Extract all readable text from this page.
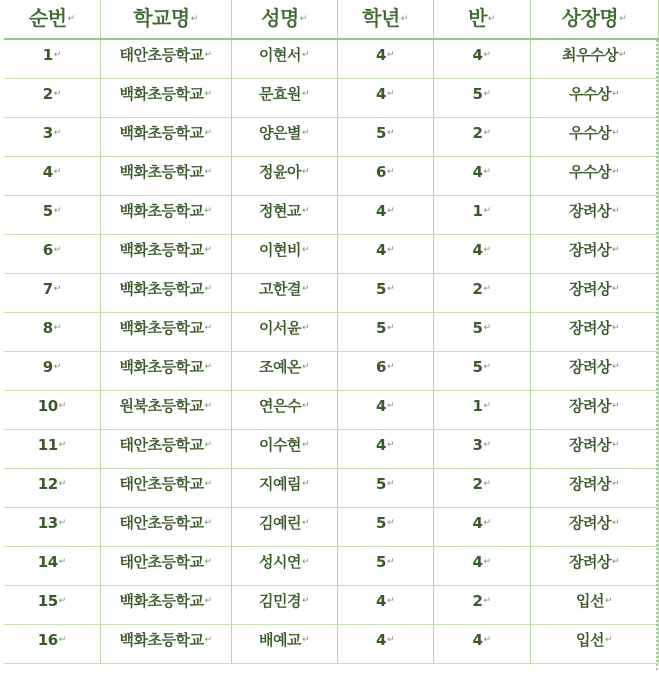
순번↵	학교명↵	성명↵	학년↵	반↵	상장명↵
1↵	태안초등학교↵	이현서↵	4↵	4↵	최우수상↵
2↵	백화초등학교↵	문효원↵	4↵	5↵	우수상↵
3↵	백화초등학교↵	양은별↵	5↵	2↵	우수상↵
4↵	백화초등학교↵	정윤아↵	6↵	4↵	우수상↵
5↵	백화초등학교↵	정현교↵	4↵	1↵	장려상↵
6↵	백화초등학교↵	이현비↵	4↵	4↵	장려상↵
7↵	백화초등학교↵	고한결↵	5↵	2↵	장려상↵
8↵	백화초등학교↵	이서윤↵	5↵	5↵	장려상↵
9↵	백화초등학교↵	조예온↵	6↵	5↵	장려상↵
10↵	원북초등학교↵	연은수↵	4↵	1↵	장려상↵
11↵	태안초등학교↵	이수현↵	4↵	3↵	장려상↵
12↵	태안초등학교↵	지예림↵	5↵	2↵	장려상↵
13↵	태안초등학교↵	김예린↵	5↵	4↵	장려상↵
14↵	태안초등학교↵	성시연↵	5↵	4↵	장려상↵
15↵	백화초등학교↵	김민경↵	4↵	2↵	입선↵
16↵	백화초등학교↵	배예교↵	4↵	4↵	입선↵
